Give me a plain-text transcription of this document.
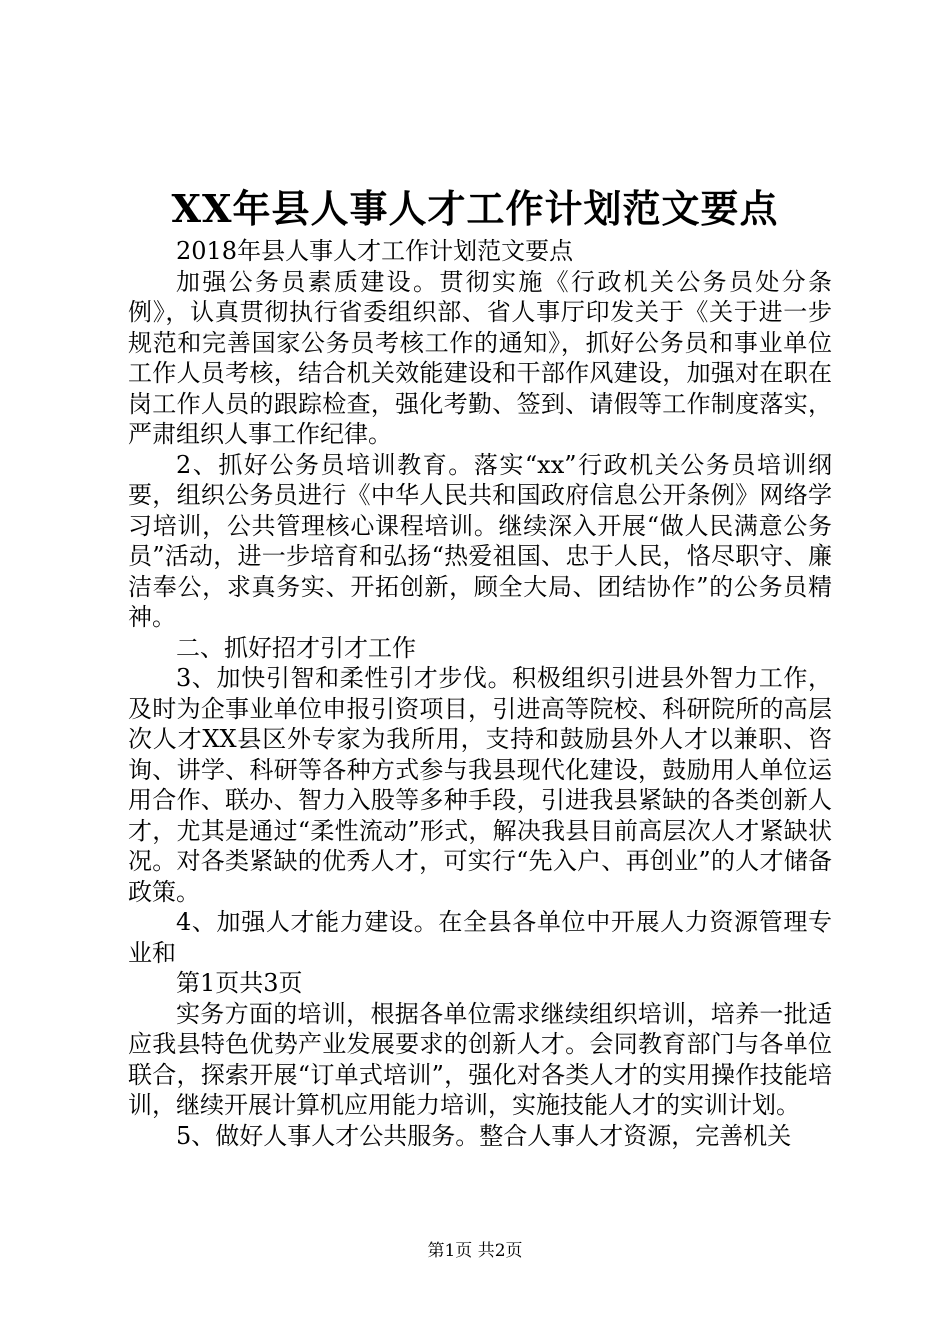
XX年县人事人才工作计划范文要点

2018年县人事人才工作计划范文要点

加强公务员素质建设。贯彻实施《行政机关公务员处分条例》，认真贯彻执行省委组织部、省人事厅印发关于《关于进一步规范和完善国家公务员考核工作的通知》，抓好公务员和事业单位工作人员考核，结合机关效能建设和干部作风建设，加强对在职在岗工作人员的跟踪检查，强化考勤、签到、请假等工作制度落实，严肃组织人事工作纪律。

2、抓好公务员培训教育。落实“xx”行政机关公务员培训纲要，组织公务员进行《中华人民共和国政府信息公开条例》网络学习培训，公共管理核心课程培训。继续深入开展“做人民满意公务员”活动，进一步培育和弘扬“热爱祖国、忠于人民，恪尽职守、廉洁奉公，求真务实、开拓创新，顾全大局、团结协作”的公务员精神。

二、抓好招才引才工作

3、加快引智和柔性引才步伐。积极组织引进县外智力工作，及时为企事业单位申报引资项目，引进高等院校、科研院所的高层次人才XX县区外专家为我所用，支持和鼓励县外人才以兼职、咨询、讲学、科研等各种方式参与我县现代化建设，鼓励用人单位运用合作、联办、智力入股等多种手段，引进我县紧缺的各类创新人才，尤其是通过“柔性流动”形式，解决我县目前高层次人才紧缺状况。对各类紧缺的优秀人才，可实行“先入户、再创业”的人才储备政策。

4、加强人才能力建设。在全县各单位中开展人力资源管理专业和

第1页共3页

实务方面的培训，根据各单位需求继续组织培训，培养一批适应我县特色优势产业发展要求的创新人才。会同教育部门与各单位联合，探索开展“订单式培训”，强化对各类人才的实用操作技能培训，继续开展计算机应用能力培训，实施技能人才的实训计划。

5、做好人事人才公共服务。整合人事人才资源，完善机关

第1页 共2页
